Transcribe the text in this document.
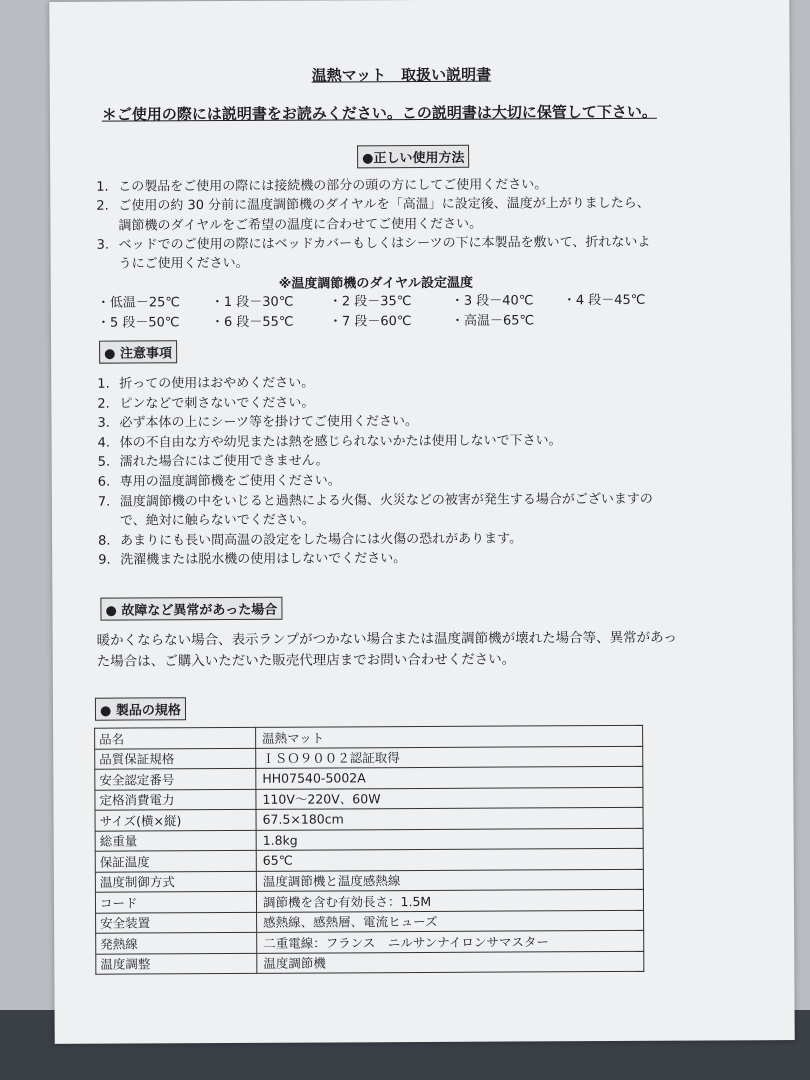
温熱マット　取扱い説明書
＊ご使用の際には説明書をお読みください。この説明書は大切に保管して下さい。
●正しい使用方法
1. この製品をご使用の際には接続機の部分の頭の方にしてご使用ください。
2. ご使用の約 30 分前に温度調節機のダイヤルを「高温」に設定後、温度が上がりましたら、
調節機のダイヤルをご希望の温度に合わせてご使用ください。
3. ベッドでのご使用の際にはベッドカバーもしくはシーツの下に本製品を敷いて、折れないよ
うにご使用ください。
※温度調節機のダイヤル設定温度
・低温－25℃ ・1 段－30℃	・2 段－35℃	・3 段－40℃ ・4 段－45℃
・5 段－50℃ ・6 段－55℃	・7 段－60℃	・高温－65℃
● 注意事項
1. 折っての使用はおやめください。
2. ピンなどで刺さないでください。
3. 必ず本体の上にシーツ等を掛けてご使用ください。
4. 体の不自由な方や幼児または熱を感じられないかたは使用しないで下さい。
5. 濡れた場合にはご使用できません。
6. 専用の温度調節機をご使用ください。
7. 温度調節機の中をいじると過熱による火傷、火災などの被害が発生する場合がございますの
で、絶対に触らないでください。
8. あまりにも長い間高温の設定をした場合には火傷の恐れがあります。
9. 洗濯機または脱水機の使用はしないでください。
● 故障など異常があった場合
暖かくならない場合、表示ランプがつかない場合または温度調節機が壊れた場合等、異常があっ
た場合は、ご購入いただいた販売代理店までお問い合わせください。
● 製品の規格
品名	温熱マット
品質保証規格	ＩＳＯ９００２認証取得
安全認定番号	HH07540-5002A
定格消費電力	110V～220V、60W
サイズ(横×縦)	67.5×180cm
総重量	1.8kg
保証温度	65℃
温度制御方式	温度調節機と温度感熱線
コード	調節機を含む有効長さ：1.5M
安全装置	感熱線、感熱層、電流ヒューズ
発熱線	二重電線：フランス　ニルサンナイロンサマスター
温度調整	温度調節機
